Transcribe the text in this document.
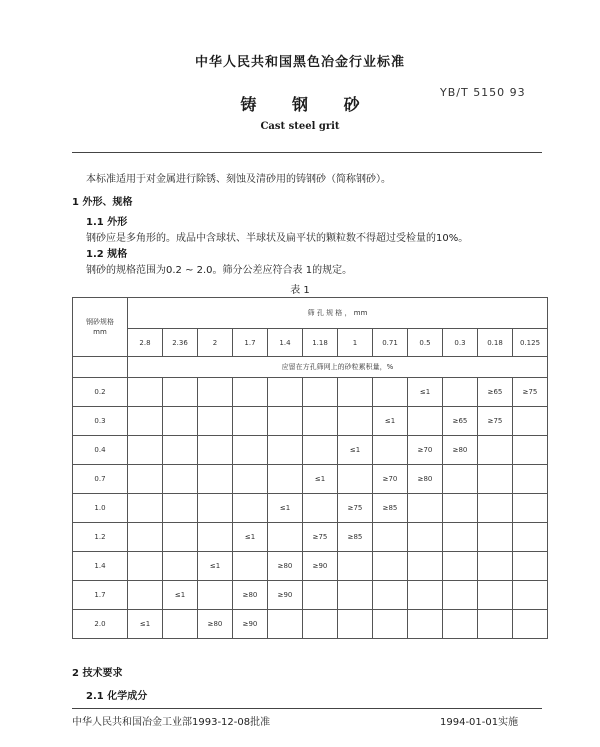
中华人民共和国黑色冶金行业标准
铸 钢 砂
YB/T 5150 93
Cast steel grit
本标准适用于对金属进行除锈、刻蚀及清砂用的铸钢砂（简称钢砂）。
1 外形、规格
1.1 外形
钢砂应是多角形的。成品中含球状、半球状及扁平状的颗粒数不得超过受检量的10%。
1.2 规格
钢砂的规格范围为0.2 ~ 2.0。筛分公差应符合表 1的规定。
表 1
钢砂规格
mm	筛 孔 规 格 ， mm											
	2.8	2.36	2	1.7	1.4	1.18	1	0.71	0.5	0.3	0.18	0.125
	应留在方孔筛网上的砂粒累积量，%											
0.2									≤1		≥65	≥75
0.3								≤1		≥65	≥75	
0.4							≤1		≥70	≥80		
0.7						≤1		≥70	≥80			
1.0					≤1		≥75	≥85				
1.2				≤1		≥75	≥85					
1.4			≤1		≥80	≥90						
1.7		≤1		≥80	≥90							
2.0	≤1		≥80	≥90								
2 技术要求
2.1 化学成分
中华人民共和国冶金工业部1993-12-08批准	1994-01-01实施
